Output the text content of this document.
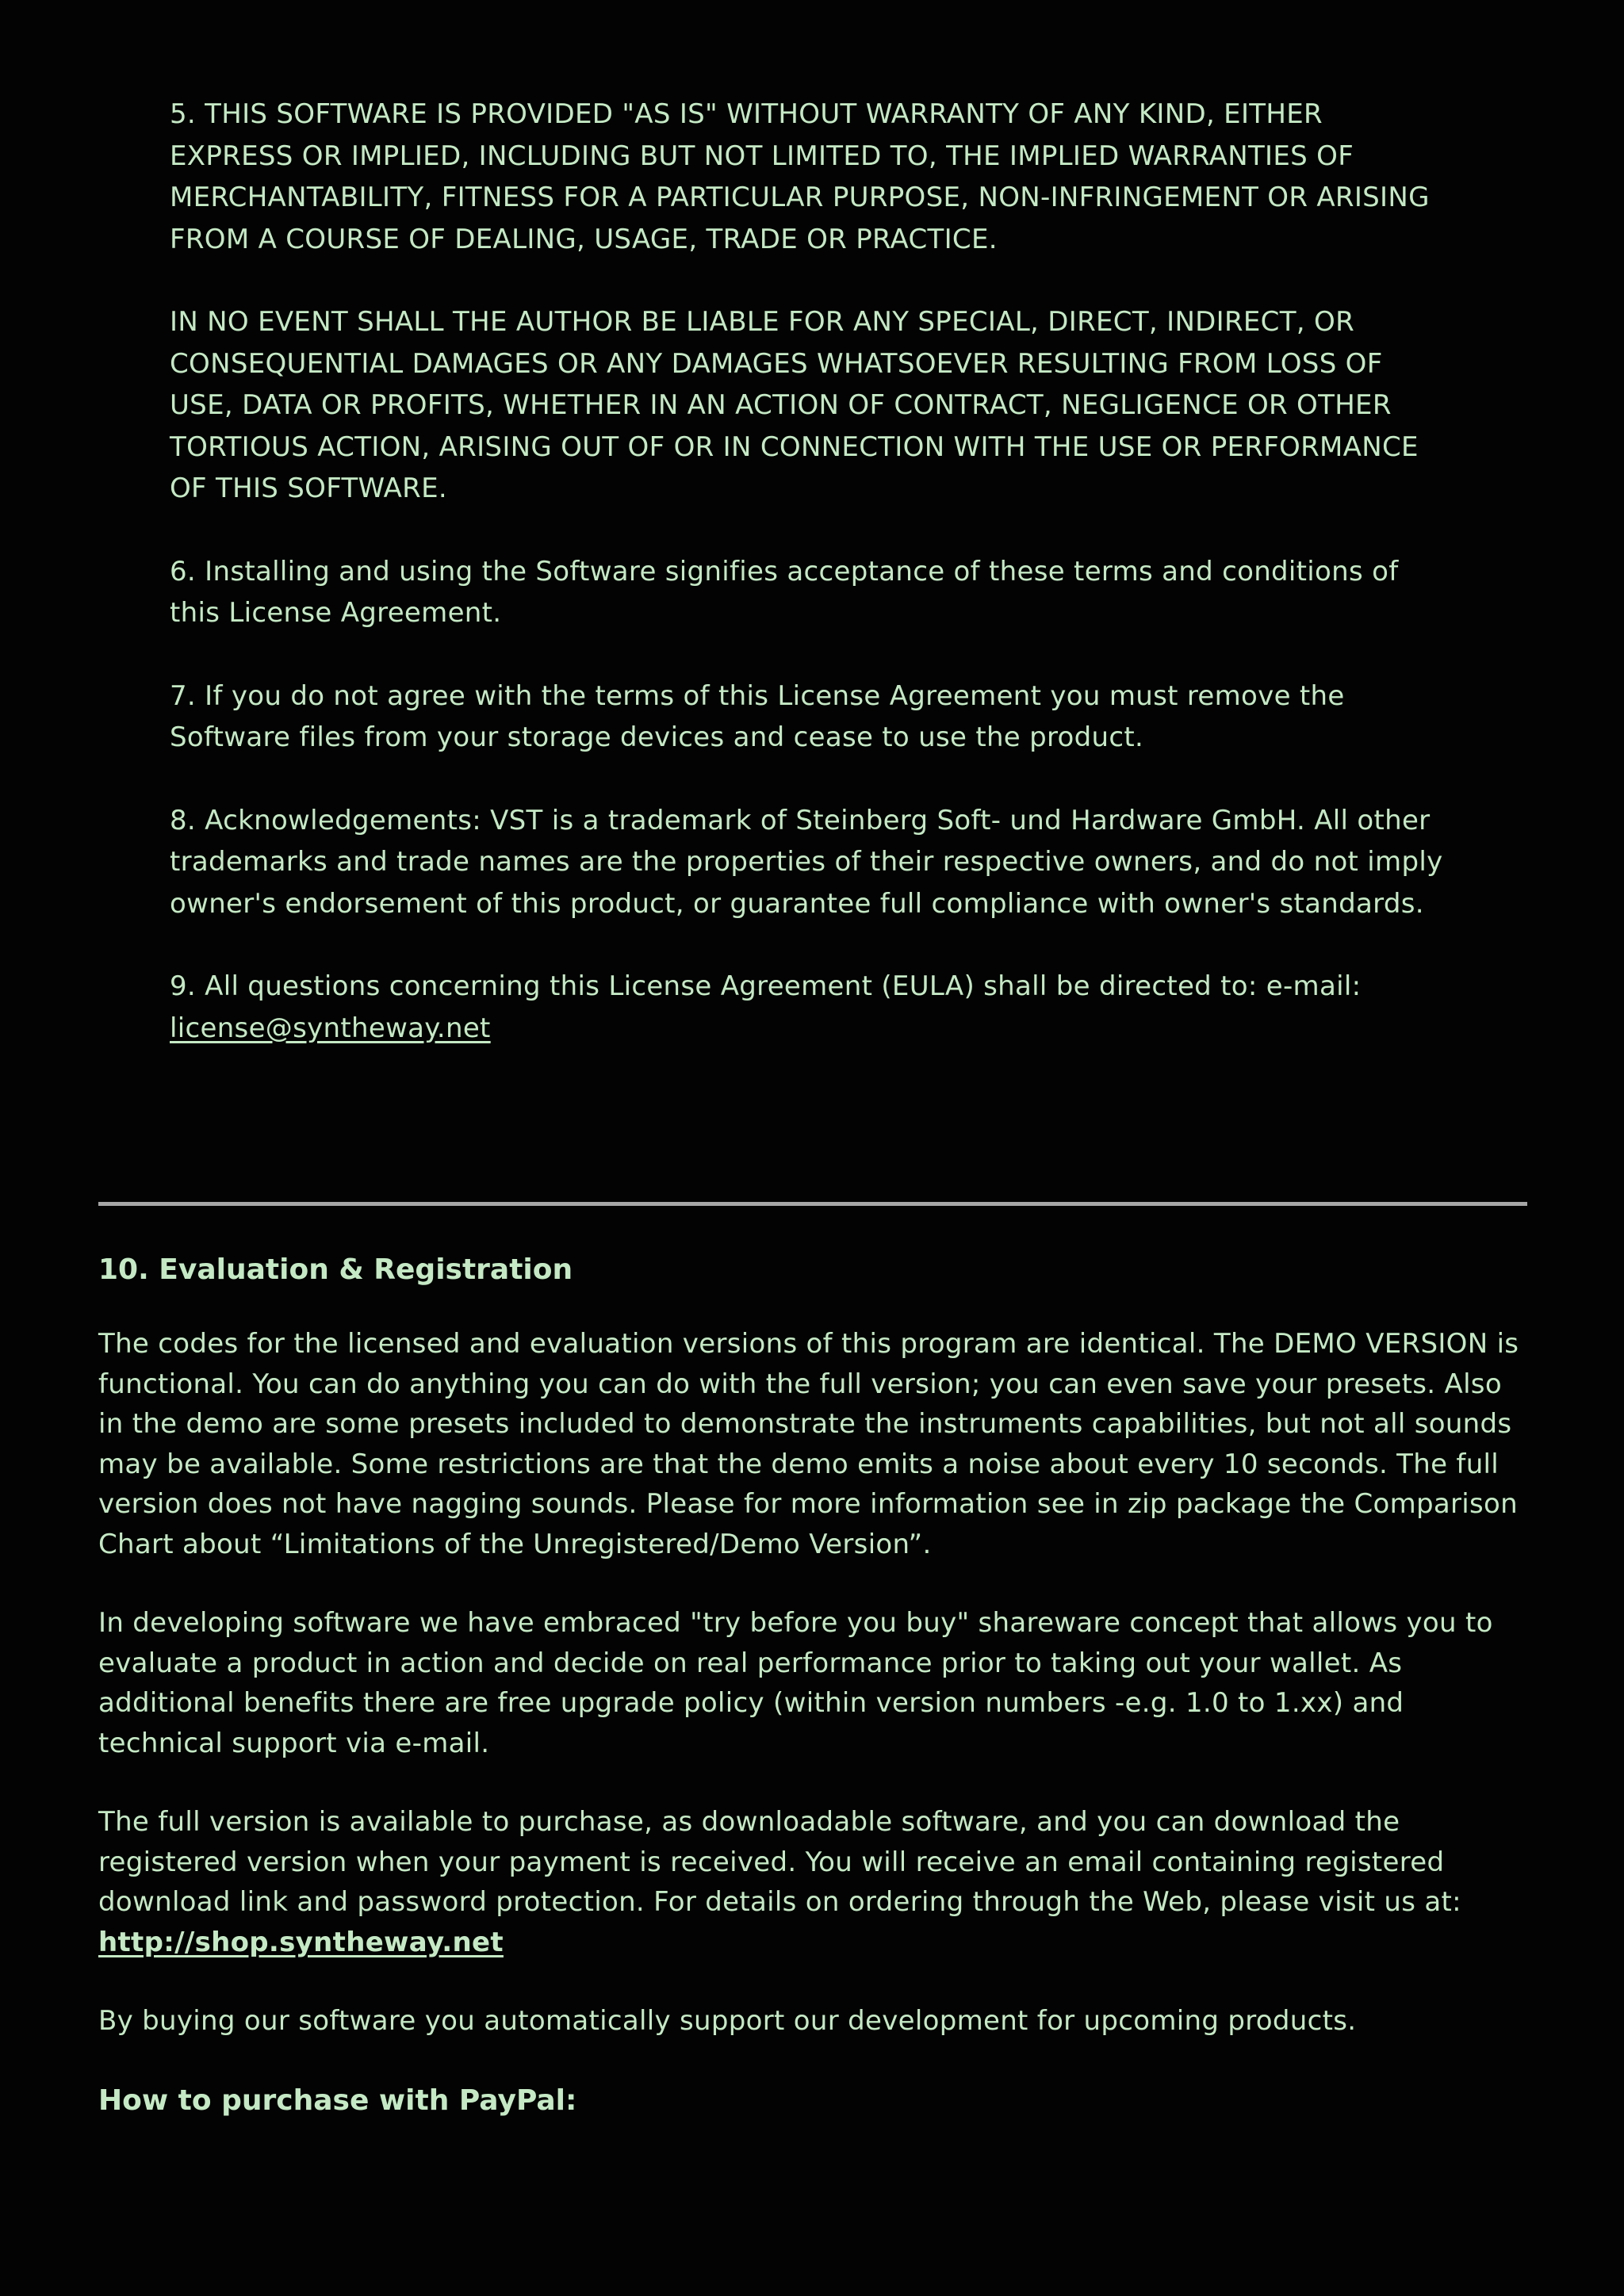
5. THIS SOFTWARE IS PROVIDED "AS IS" WITHOUT WARRANTY OF ANY KIND, EITHER EXPRESS OR IMPLIED, INCLUDING BUT NOT LIMITED TO, THE IMPLIED WARRANTIES OF MERCHANTABILITY, FITNESS FOR A PARTICULAR PURPOSE, NON-INFRINGEMENT OR ARISING FROM A COURSE OF DEALING, USAGE, TRADE OR PRACTICE.

IN NO EVENT SHALL THE AUTHOR BE LIABLE FOR ANY SPECIAL, DIRECT, INDIRECT, OR CONSEQUENTIAL DAMAGES OR ANY DAMAGES WHATSOEVER RESULTING FROM LOSS OF USE, DATA OR PROFITS, WHETHER IN AN ACTION OF CONTRACT, NEGLIGENCE OR OTHER TORTIOUS ACTION, ARISING OUT OF OR IN CONNECTION WITH THE USE OR PERFORMANCE OF THIS SOFTWARE.

6. Installing and using the Software signifies acceptance of these terms and conditions of this License Agreement.

7. If you do not agree with the terms of this License Agreement you must remove the Software files from your storage devices and cease to use the product.

8. Acknowledgements: VST is a trademark of Steinberg Soft- und Hardware GmbH. All other trademarks and trade names are the properties of their respective owners, and do not imply owner's endorsement of this product, or guarantee full compliance with owner's standards.

9. All questions concerning this License Agreement (EULA) shall be directed to: e-mail:
license@syntheway.net

10. Evaluation & Registration

The codes for the licensed and evaluation versions of this program are identical. The DEMO VERSION is functional. You can do anything you can do with the full version; you can even save your presets. Also in the demo are some presets included to demonstrate the instruments capabilities, but not all sounds may be available. Some restrictions are that the demo emits a noise about every 10 seconds. The full version does not have nagging sounds. Please for more information see in zip package the Comparison Chart about “Limitations of the Unregistered/Demo Version”.

In developing software we have embraced "try before you buy" shareware concept that allows you to evaluate a product in action and decide on real performance prior to taking out your wallet. As additional benefits there are free upgrade policy (within version numbers -e.g. 1.0 to 1.xx) and technical support via e-mail.

The full version is available to purchase, as downloadable software, and you can download the registered version when your payment is received. You will receive an email containing registered download link and password protection. For details on ordering through the Web, please visit us at:
http://shop.syntheway.net

By buying our software you automatically support our development for upcoming products.

How to purchase with PayPal:
